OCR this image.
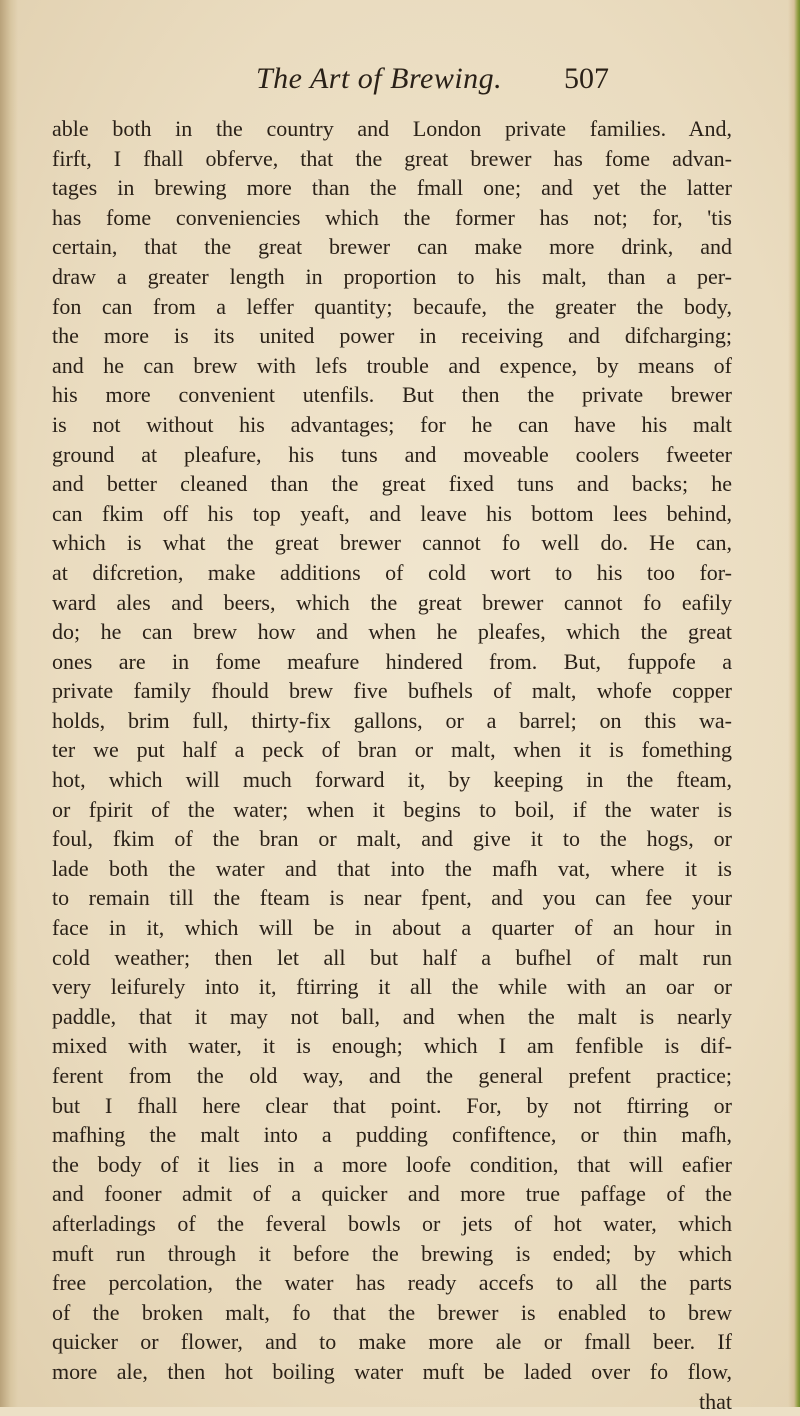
The Art of Brewing. 507
able both in the country and London private families. And,
firft, I fhall obferve, that the great brewer has fome advan-
tages in brewing more than the fmall one; and yet the latter
has fome conveniencies which the former has not; for, 'tis
certain, that the great brewer can make more drink, and
draw a greater length in proportion to his malt, than a per-
fon can from a leffer quantity; becaufe, the greater the body,
the more is its united power in receiving and difcharging;
and he can brew with lefs trouble and expence, by means of
his more convenient utenfils. But then the private brewer
is not without his advantages; for he can have his malt
ground at pleafure, his tuns and moveable coolers fweeter
and better cleaned than the great fixed tuns and backs; he
can fkim off his top yeaft, and leave his bottom lees behind,
which is what the great brewer cannot fo well do. He can,
at difcretion, make additions of cold wort to his too for-
ward ales and beers, which the great brewer cannot fo eafily
do; he can brew how and when he pleafes, which the great
ones are in fome meafure hindered from. But, fuppofe a
private family fhould brew five bufhels of malt, whofe copper
holds, brim full, thirty-fix gallons, or a barrel; on this wa-
ter we put half a peck of bran or malt, when it is fomething
hot, which will much forward it, by keeping in the fteam,
or fpirit of the water; when it begins to boil, if the water is
foul, fkim of the bran or malt, and give it to the hogs, or
lade both the water and that into the mafh vat, where it is
to remain till the fteam is near fpent, and you can fee your
face in it, which will be in about a quarter of an hour in
cold weather; then let all but half a bufhel of malt run
very leifurely into it, ftirring it all the while with an oar or
paddle, that it may not ball, and when the malt is nearly
mixed with water, it is enough; which I am fenfible is dif-
ferent from the old way, and the general prefent practice;
but I fhall here clear that point. For, by not ftirring or
mafhing the malt into a pudding confiftence, or thin mafh,
the body of it lies in a more loofe condition, that will eafier
and fooner admit of a quicker and more true paffage of the
afterladings of the feveral bowls or jets of hot water, which
muft run through it before the brewing is ended; by which
free percolation, the water has ready accefs to all the parts
of the broken malt, fo that the brewer is enabled to brew
quicker or flower, and to make more ale or fmall beer. If
more ale, then hot boiling water muft be laded over fo flow,
that
